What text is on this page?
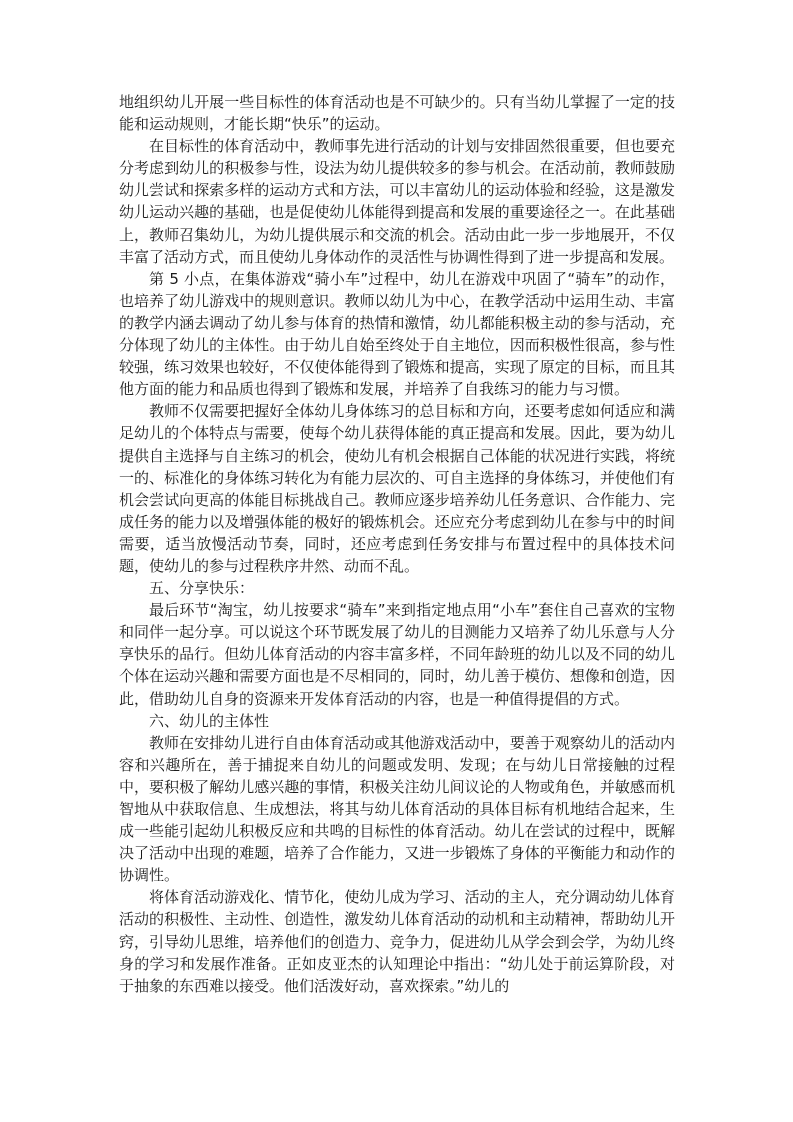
地组织幼儿开展一些目标性的体育活动也是不可缺少的。只有当幼儿掌握了一定的技能和运动规则，才能长期“快乐”的运动。

在目标性的体育活动中，教师事先进行活动的计划与安排固然很重要，但也要充分考虑到幼儿的积极参与性，设法为幼儿提供较多的参与机会。在活动前，教师鼓励幼儿尝试和探索多样的运动方式和方法，可以丰富幼儿的运动体验和经验，这是激发幼儿运动兴趣的基础，也是促使幼儿体能得到提高和发展的重要途径之一。在此基础上，教师召集幼儿，为幼儿提供展示和交流的机会。活动由此一步一步地展开，不仅丰富了活动方式，而且使幼儿身体动作的灵活性与协调性得到了进一步提高和发展。

第 5 小点，在集体游戏“骑小车”过程中，幼儿在游戏中巩固了“骑车”的动作，也培养了幼儿游戏中的规则意识。教师以幼儿为中心，在教学活动中运用生动、丰富的教学内涵去调动了幼儿参与体育的热情和激情，幼儿都能积极主动的参与活动，充分体现了幼儿的主体性。由于幼儿自始至终处于自主地位，因而积极性很高，参与性较强，练习效果也较好，不仅使体能得到了锻炼和提高，实现了原定的目标，而且其他方面的能力和品质也得到了锻炼和发展，并培养了自我练习的能力与习惯。

教师不仅需要把握好全体幼儿身体练习的总目标和方向，还要考虑如何适应和满足幼儿的个体特点与需要，使每个幼儿获得体能的真正提高和发展。因此，要为幼儿提供自主选择与自主练习的机会，使幼儿有机会根据自己体能的状况进行实践，将统一的、标准化的身体练习转化为有能力层次的、可自主选择的身体练习，并使他们有机会尝试向更高的体能目标挑战自己。教师应逐步培养幼儿任务意识、合作能力、完成任务的能力以及增强体能的极好的锻炼机会。还应充分考虑到幼儿在参与中的时间需要，适当放慢活动节奏，同时，还应考虑到任务安排与布置过程中的具体技术问题，使幼儿的参与过程秩序井然、动而不乱。

五、分享快乐：

最后环节“淘宝，幼儿按要求“骑车”来到指定地点用“小车”套住自己喜欢的宝物和同伴一起分享。可以说这个环节既发展了幼儿的目测能力又培养了幼儿乐意与人分享快乐的品行。但幼儿体育活动的内容丰富多样，不同年龄班的幼儿以及不同的幼儿个体在运动兴趣和需要方面也是不尽相同的，同时，幼儿善于模仿、想像和创造，因此，借助幼儿自身的资源来开发体育活动的内容，也是一种值得提倡的方式。

六、幼儿的主体性

教师在安排幼儿进行自由体育活动或其他游戏活动中，要善于观察幼儿的活动内容和兴趣所在，善于捕捉来自幼儿的问题或发明、发现；在与幼儿日常接触的过程中，要积极了解幼儿感兴趣的事情，积极关注幼儿间议论的人物或角色，并敏感而机智地从中获取信息、生成想法，将其与幼儿体育活动的具体目标有机地结合起来，生成一些能引起幼儿积极反应和共鸣的目标性的体育活动。幼儿在尝试的过程中，既解决了活动中出现的难题，培养了合作能力，又进一步锻炼了身体的平衡能力和动作的协调性。

将体育活动游戏化、情节化，使幼儿成为学习、活动的主人，充分调动幼儿体育活动的积极性、主动性、创造性，激发幼儿体育活动的动机和主动精神，帮助幼儿开窍，引导幼儿思维，培养他们的创造力、竞争力，促进幼儿从学会到会学，为幼儿终身的学习和发展作准备。正如皮亚杰的认知理论中指出：“幼儿处于前运算阶段，对于抽象的东西难以接受。他们活泼好动，喜欢探索。”幼儿的
